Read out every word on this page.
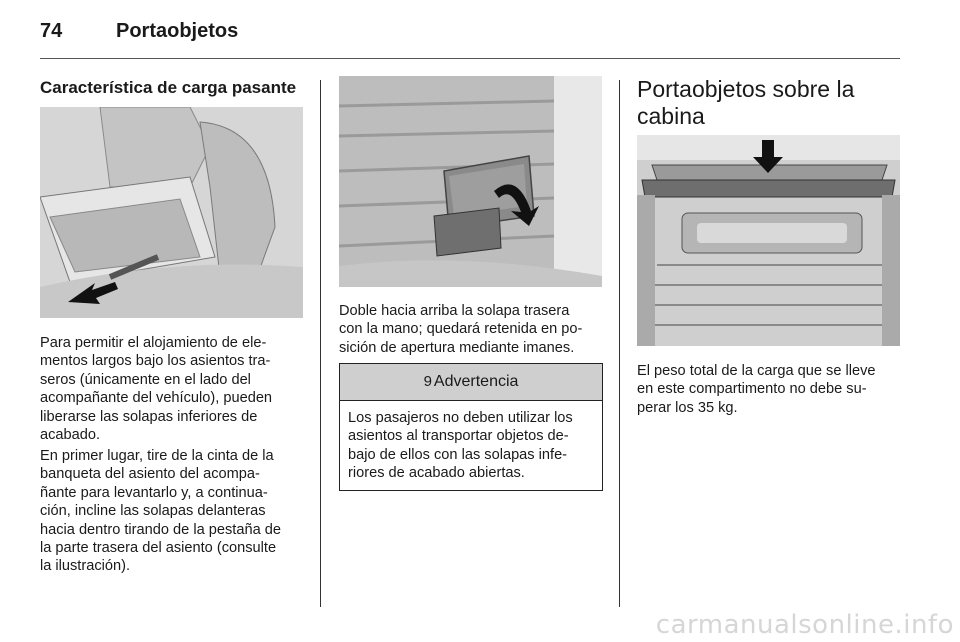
74	Portaobjetos
Característica de carga pasante
Para permitir el alojamiento de ele-
mentos largos bajo los asientos tra-
seros (únicamente en el lado del
acompañante del vehículo), pueden
liberarse las solapas inferiores de
acabado.
En primer lugar, tire de la cinta de la
banqueta del asiento del acompa-
ñante para levantarlo y, a continua-
ción, incline las solapas delanteras
hacia dentro tirando de la pestaña de
la parte trasera del asiento (consulte
la ilustración).
Doble hacia arriba la solapa trasera
con la mano; quedará retenida en po-
sición de apertura mediante imanes.
9 Advertencia
Los pasajeros no deben utilizar los
asientos al transportar objetos de-
bajo de ellos con las solapas infe-
riores de acabado abiertas.
Portaobjetos sobre la
cabina
El peso total de la carga que se lleve
en este compartimento no debe su-
perar los 35 kg.
carmanualsonline.info
